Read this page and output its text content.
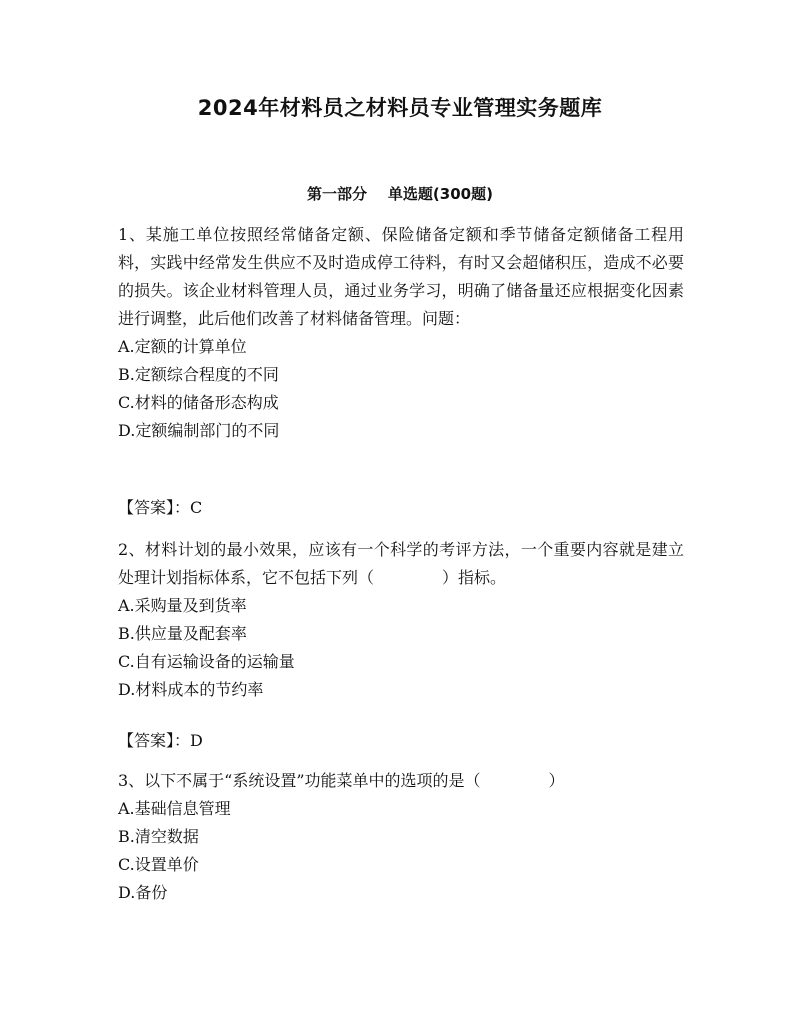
2024年材料员之材料员专业管理实务题库
第一部分    单选题(300题)

1、某施工单位按照经常储备定额、保险储备定额和季节储备定额储备工程用料，实践中经常发生供应不及时造成停工待料，有时又会超储积压，造成不必要的损失。该企业材料管理人员，通过业务学习，明确了储备量还应根据变化因素进行调整，此后他们改善了材料储备管理。问题：

A.定额的计算单位

B.定额综合程度的不同

C.材料的储备形态构成

D.定额编制部门的不同

【答案】：C

2、材料计划的最小效果，应该有一个科学的考评方法，一个重要内容就是建立处理计划指标体系，它不包括下列（	）指标。

A.采购量及到货率

B.供应量及配套率

C.自有运输设备的运输量

D.材料成本的节约率

【答案】：D

3、以下不属于“系统设置”功能菜单中的选项的是（	）

A.基础信息管理

B.清空数据

C.设置单价

D.备份
